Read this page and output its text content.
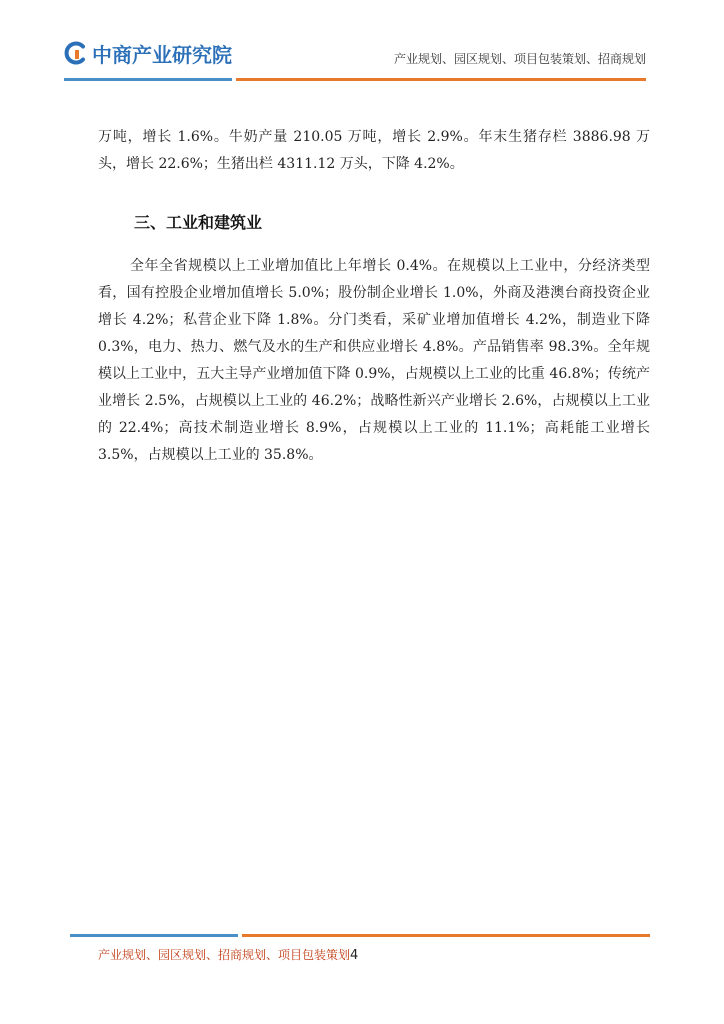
中商产业研究院	产业规划、园区规划、项目包装策划、招商规划

万吨，增长 1.6%。牛奶产量 210.05 万吨，增长 2.9%。年末生猪存栏 3886.98 万头，增长 22.6%；生猪出栏 4311.12 万头，下降 4.2%。

三、工业和建筑业

全年全省规模以上工业增加值比上年增长 0.4%。在规模以上工业中，分经济类型看，国有控股企业增加值增长 5.0%；股份制企业增长 1.0%，外商及港澳台商投资企业增长 4.2%；私营企业下降 1.8%。分门类看，采矿业增加值增长 4.2%，制造业下降 0.3%，电力、热力、燃气及水的生产和供应业增长 4.8%。产品销售率 98.3%。全年规模以上工业中，五大主导产业增加值下降 0.9%，占规模以上工业的比重 46.8%；传统产业增长 2.5%，占规模以上工业的 46.2%；战略性新兴产业增长 2.6%，占规模以上工业的 22.4%；高技术制造业增长 8.9%，占规模以上工业的 11.1%；高耗能工业增长 3.5%，占规模以上工业的 35.8%。

产业规划、园区规划、招商规划、项目包装策划4
